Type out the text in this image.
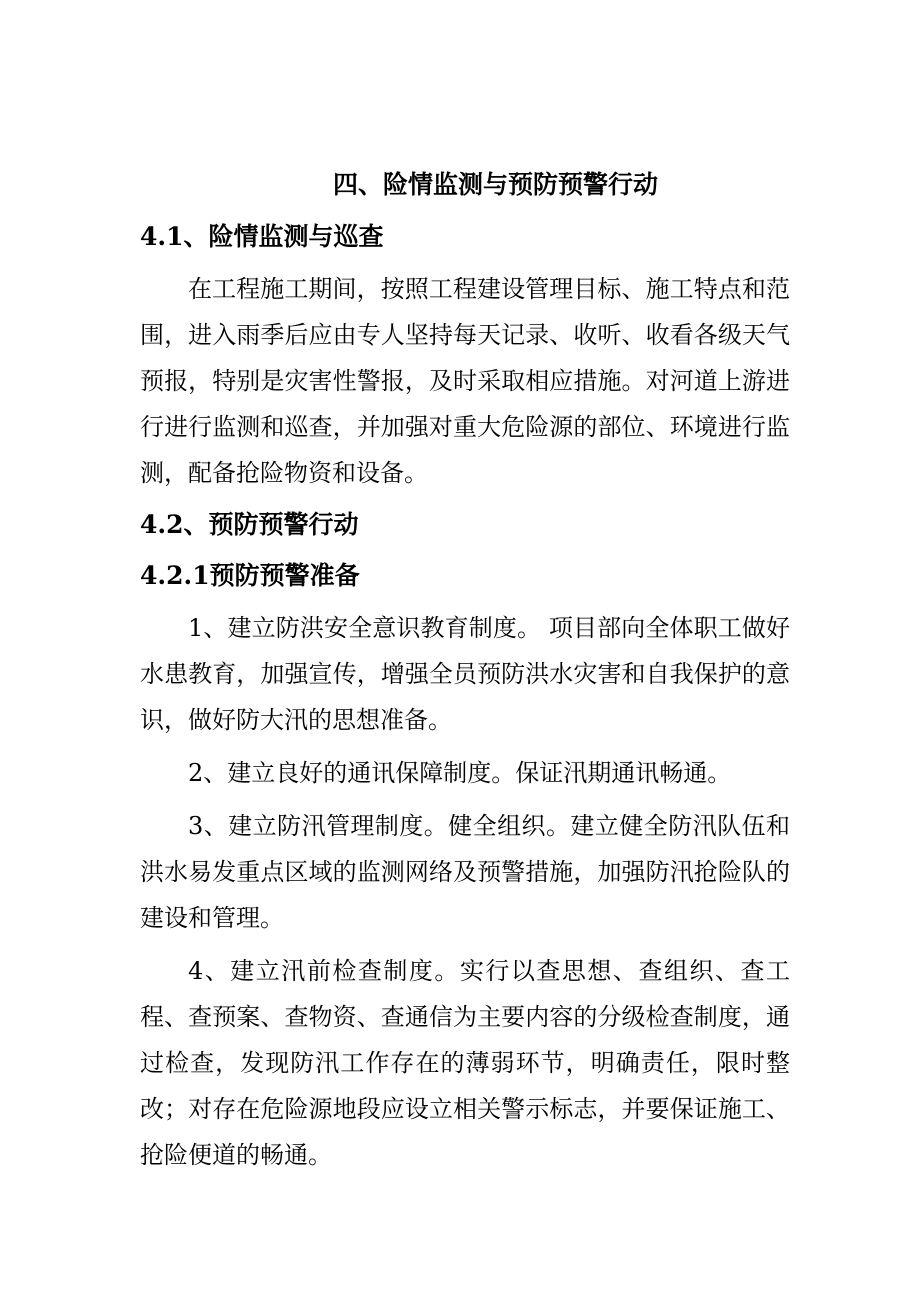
四、险情监测与预防预警行动
4.1、险情监测与巡查

在工程施工期间，按照工程建设管理目标、施工特点和范围，进入雨季后应由专人坚持每天记录、收听、收看各级天气预报，特别是灾害性警报，及时采取相应措施。对河道上游进行进行监测和巡查，并加强对重大危险源的部位、环境进行监测，配备抢险物资和设备。

4.2、预防预警行动
4.2.1预防预警准备

1、建立防洪安全意识教育制度。 项目部向全体职工做好水患教育，加强宣传，增强全员预防洪水灾害和自我保护的意识，做好防大汛的思想准备。

2、建立良好的通讯保障制度。保证汛期通讯畅通。

3、建立防汛管理制度。健全组织。建立健全防汛队伍和洪水易发重点区域的监测网络及预警措施，加强防汛抢险队的建设和管理。

4、建立汛前检查制度。实行以查思想、查组织、查工程、查预案、查物资、查通信为主要内容的分级检查制度，通过检查，发现防汛工作存在的薄弱环节，明确责任，限时整改；对存在危险源地段应设立相关警示标志，并要保证施工、抢险便道的畅通。
